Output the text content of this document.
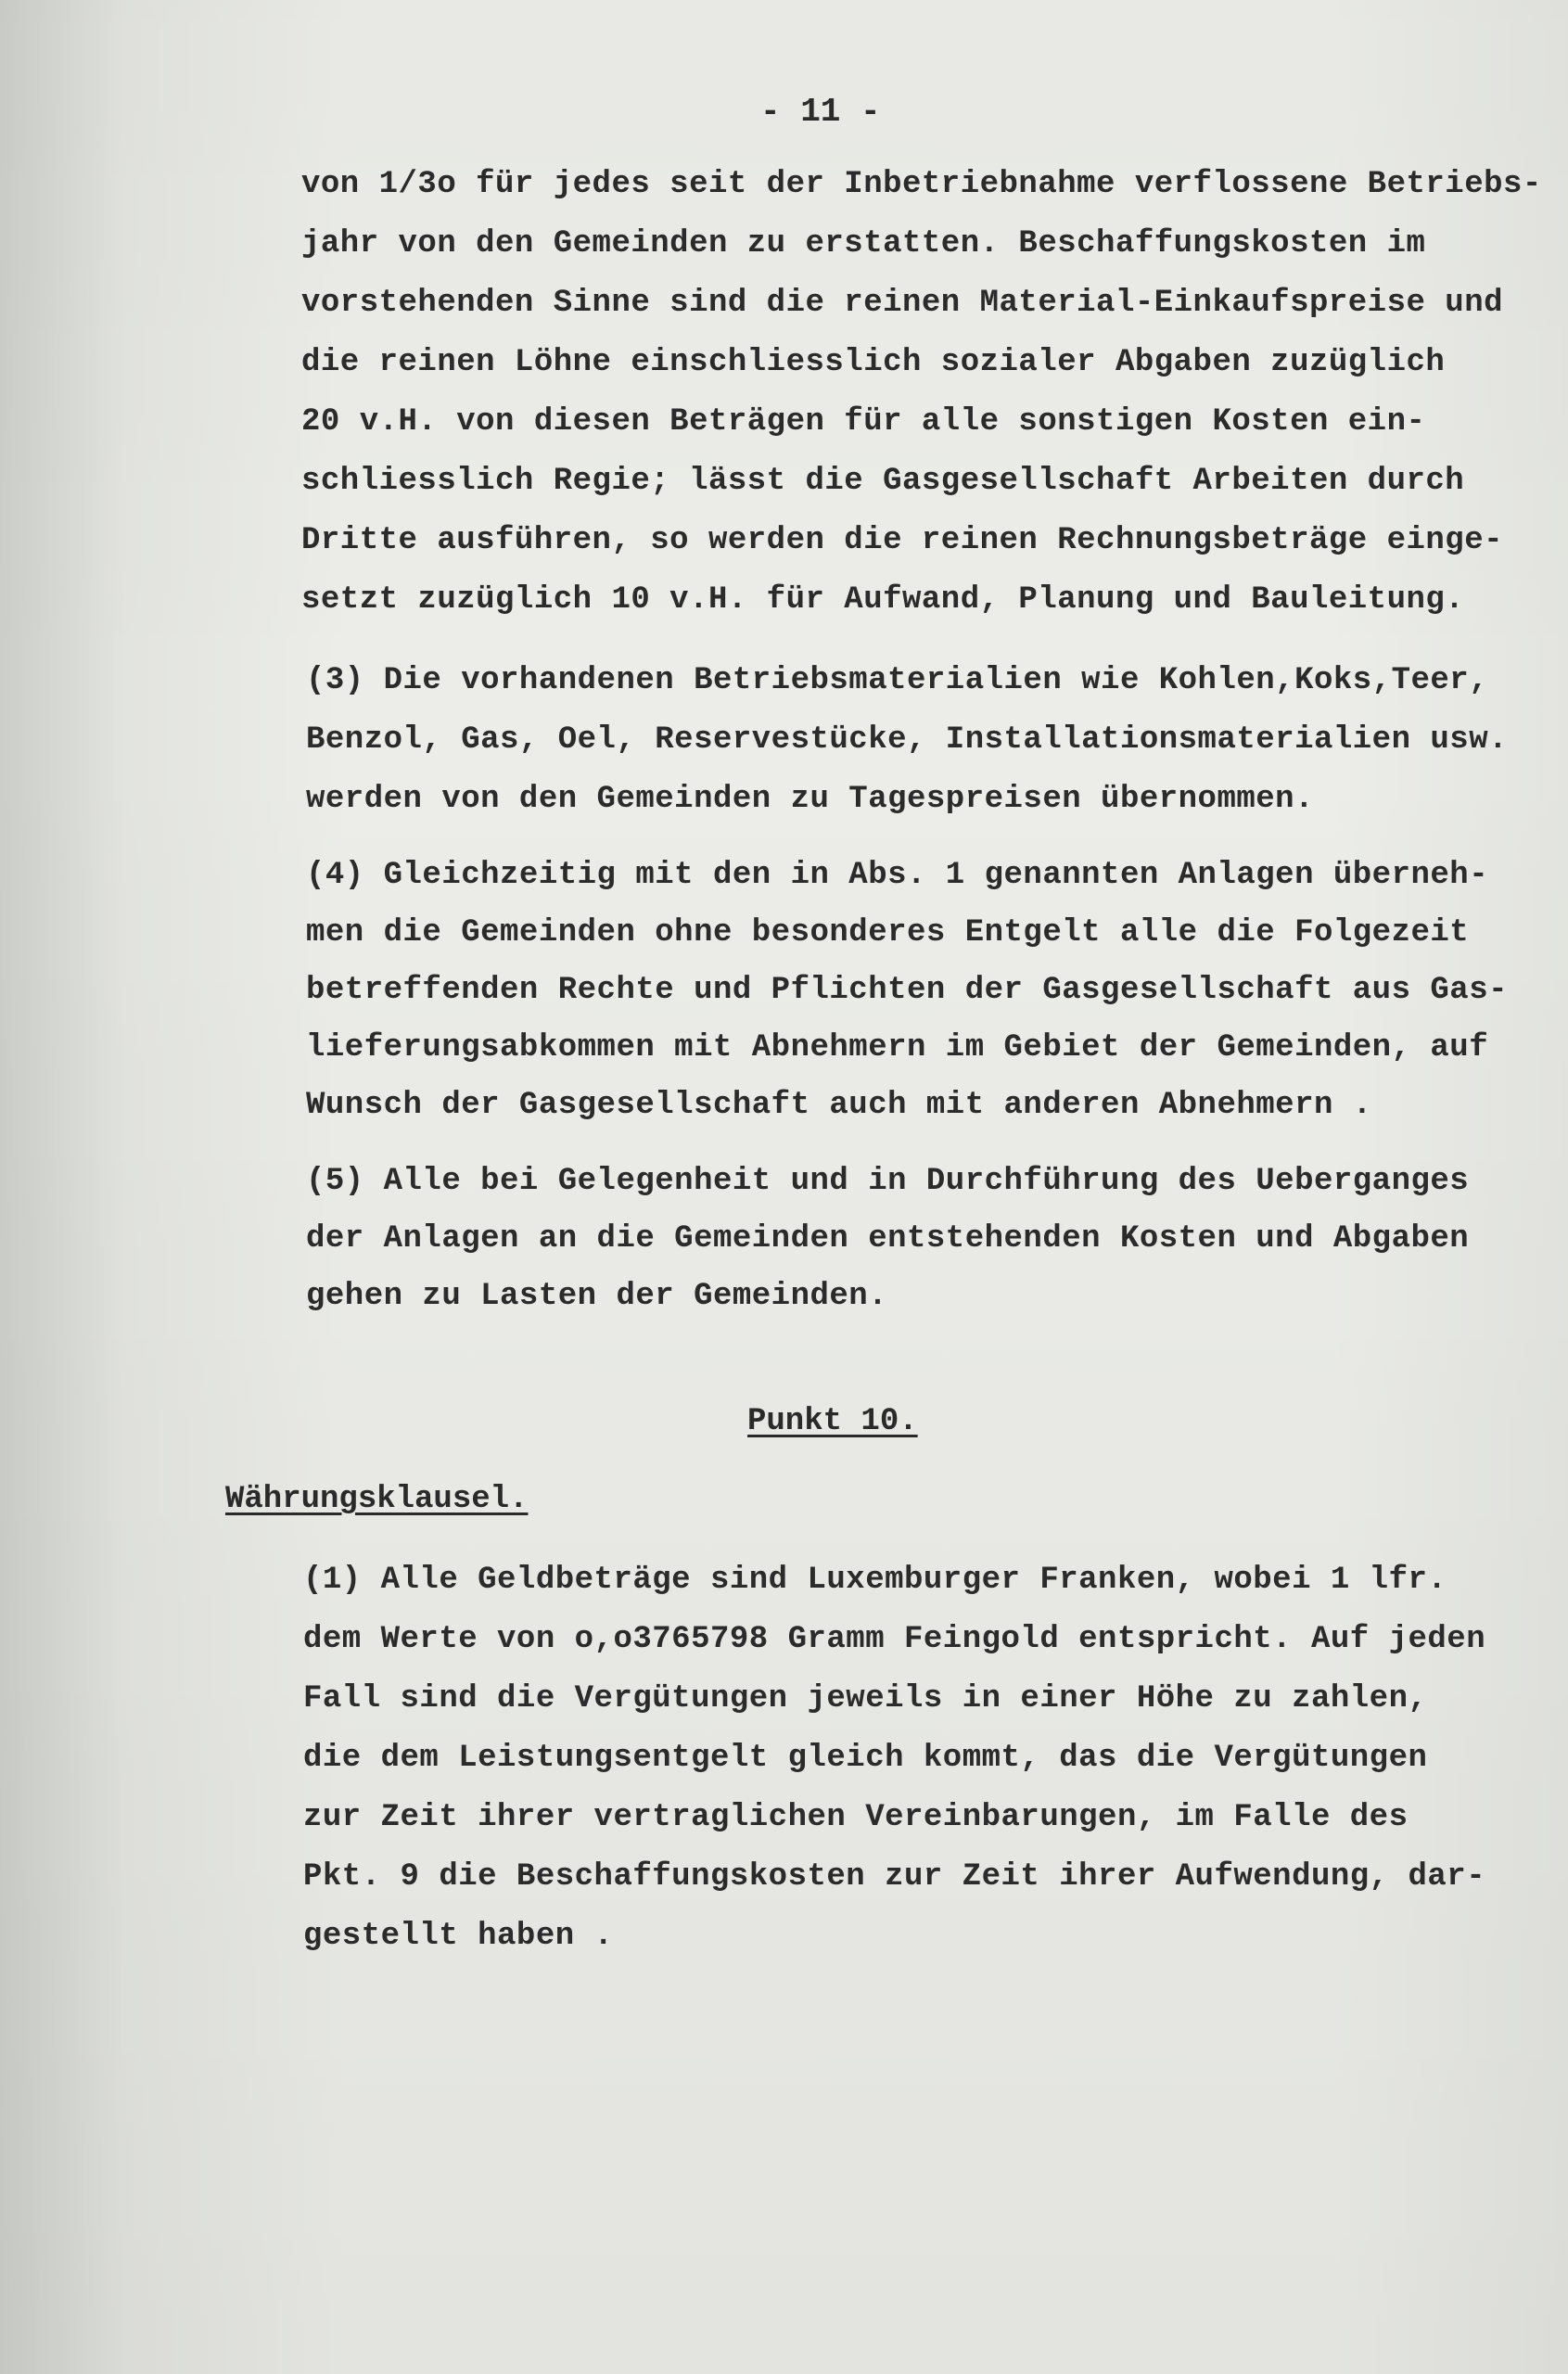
- 11 -
von 1/3o für jedes seit der Inbetriebnahme verflossene Betriebs-
jahr von den Gemeinden zu erstatten. Beschaffungskosten im
vorstehenden Sinne sind die reinen Material-Einkaufspreise und
die reinen Löhne einschliesslich sozialer Abgaben zuzüglich
20 v.H. von diesen Beträgen für alle sonstigen Kosten ein-
schliesslich Regie; lässt die Gasgesellschaft Arbeiten durch
Dritte ausführen, so werden die reinen Rechnungsbeträge einge-
setzt zuzüglich 10 v.H. für Aufwand, Planung und Bauleitung.
(3) Die vorhandenen Betriebsmaterialien wie Kohlen,Koks,Teer,
Benzol, Gas, Oel, Reservestücke, Installationsmaterialien usw.
werden von den Gemeinden zu Tagespreisen übernommen.
(4) Gleichzeitig mit den in Abs. 1 genannten Anlagen überneh-
men die Gemeinden ohne besonderes Entgelt alle die Folgezeit
betreffenden Rechte und Pflichten der Gasgesellschaft aus Gas-
lieferungsabkommen mit Abnehmern im Gebiet der Gemeinden, auf
Wunsch der Gasgesellschaft auch mit anderen Abnehmern .
(5) Alle bei Gelegenheit und in Durchführung des Ueberganges
der Anlagen an die Gemeinden entstehenden Kosten und Abgaben
gehen zu Lasten der Gemeinden.
Punkt 10.
Währungsklausel.
(1) Alle Geldbeträge sind Luxemburger Franken, wobei 1 lfr.
dem Werte von o,o3765798 Gramm Feingold entspricht. Auf jeden
Fall sind die Vergütungen jeweils in einer Höhe zu zahlen,
die dem Leistungsentgelt gleich kommt, das die Vergütungen
zur Zeit ihrer vertraglichen Vereinbarungen, im Falle des
Pkt. 9 die Beschaffungskosten zur Zeit ihrer Aufwendung, dar-
gestellt haben .
